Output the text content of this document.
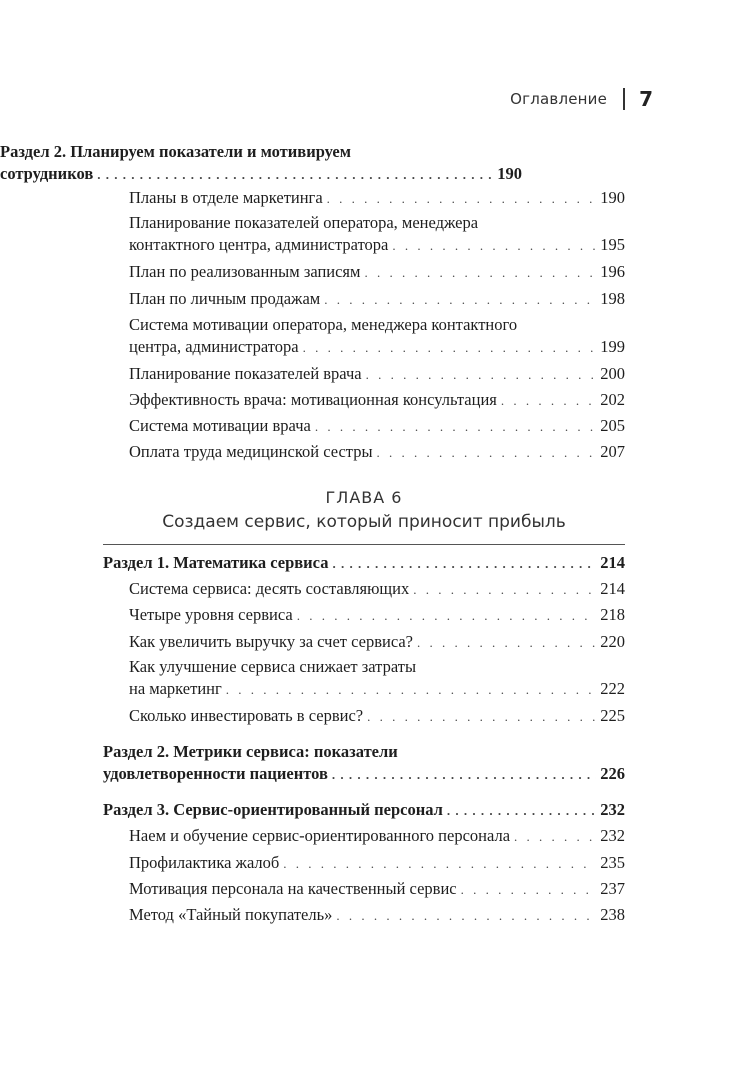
Оглавление 7
Раздел 2. Планируем показатели и мотивируем
сотрудников . . .	190
Планы в отделе маркетинга . . .	190
Планирование показателей оператора, менеджера
контактного центра, администратора . . .	195
План по реализованным записям . . .	196
План по личным продажам . . .	198
Система мотивации оператора, менеджера контактного
центра, администратора . . .	199
Планирование показателей врача . . .	200
Эффективность врача: мотивационная консультация . . .	202
Система мотивации врача . . .	205
Оплата труда медицинской сестры . . .	207
ГЛАВА 6
Создаем сервис, который приносит прибыль
Раздел 1. Математика сервиса . . .	214
Система сервиса: десять составляющих . . .	214
Четыре уровня сервиса . . .	218
Как увеличить выручку за счет сервиса? . . .	220
Как улучшение сервиса снижает затраты
на маркетинг . . .	222
Сколько инвестировать в сервис? . . .	225
Раздел 2. Метрики сервиса: показатели
удовлетворенности пациентов . . .	226
Раздел 3. Сервис-ориентированный персонал . . .	232
Наем и обучение сервис-ориентированного персонала . . .	232
Профилактика жалоб . . .	235
Мотивация персонала на качественный сервис . . .	237
Метод «Тайный покупатель» . . .	238
